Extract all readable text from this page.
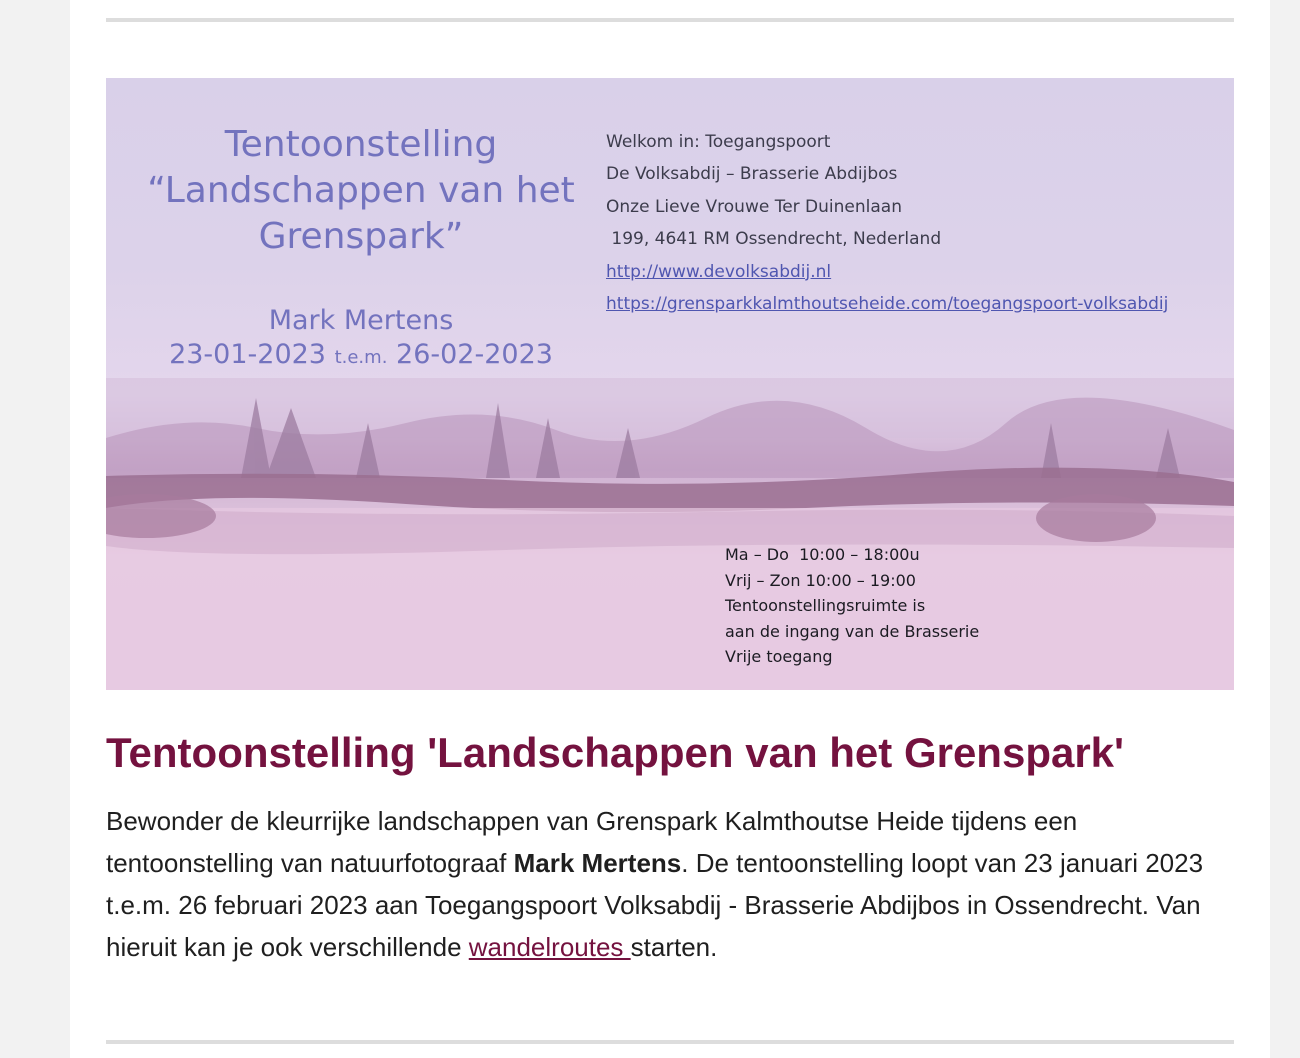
Tentoonstelling
“Landschappen van het
Grenspark”
Mark Mertens
23-01-2023 t.e.m. 26-02-2023
Welkom in: Toegangspoort
De Volksabdij – Brasserie Abdijbos
Onze Lieve Vrouwe Ter Duinenlaan
199, 4641 RM Ossendrecht, Nederland
http://www.devolksabdij.nl
https://grensparkkalmthoutseheide.com/toegangspoort-volksabdij
Ma – Do  10:00 – 18:00u
Vrij – Zon 10:00 – 19:00
Tentoonstellingsruimte is
aan de ingang van de Brasserie
Vrije toegang
Tentoonstelling 'Landschappen van het Grenspark'

Bewonder de kleurrijke landschappen van Grenspark Kalmthoutse Heide tijdens een tentoonstelling van natuurfotograaf Mark Mertens. De tentoonstelling loopt van 23 januari 2023 t.e.m. 26 februari 2023 aan Toegangspoort Volksabdij - Brasserie Abdijbos in Ossendrecht. Van hieruit kan je ook verschillende wandelroutes starten.
